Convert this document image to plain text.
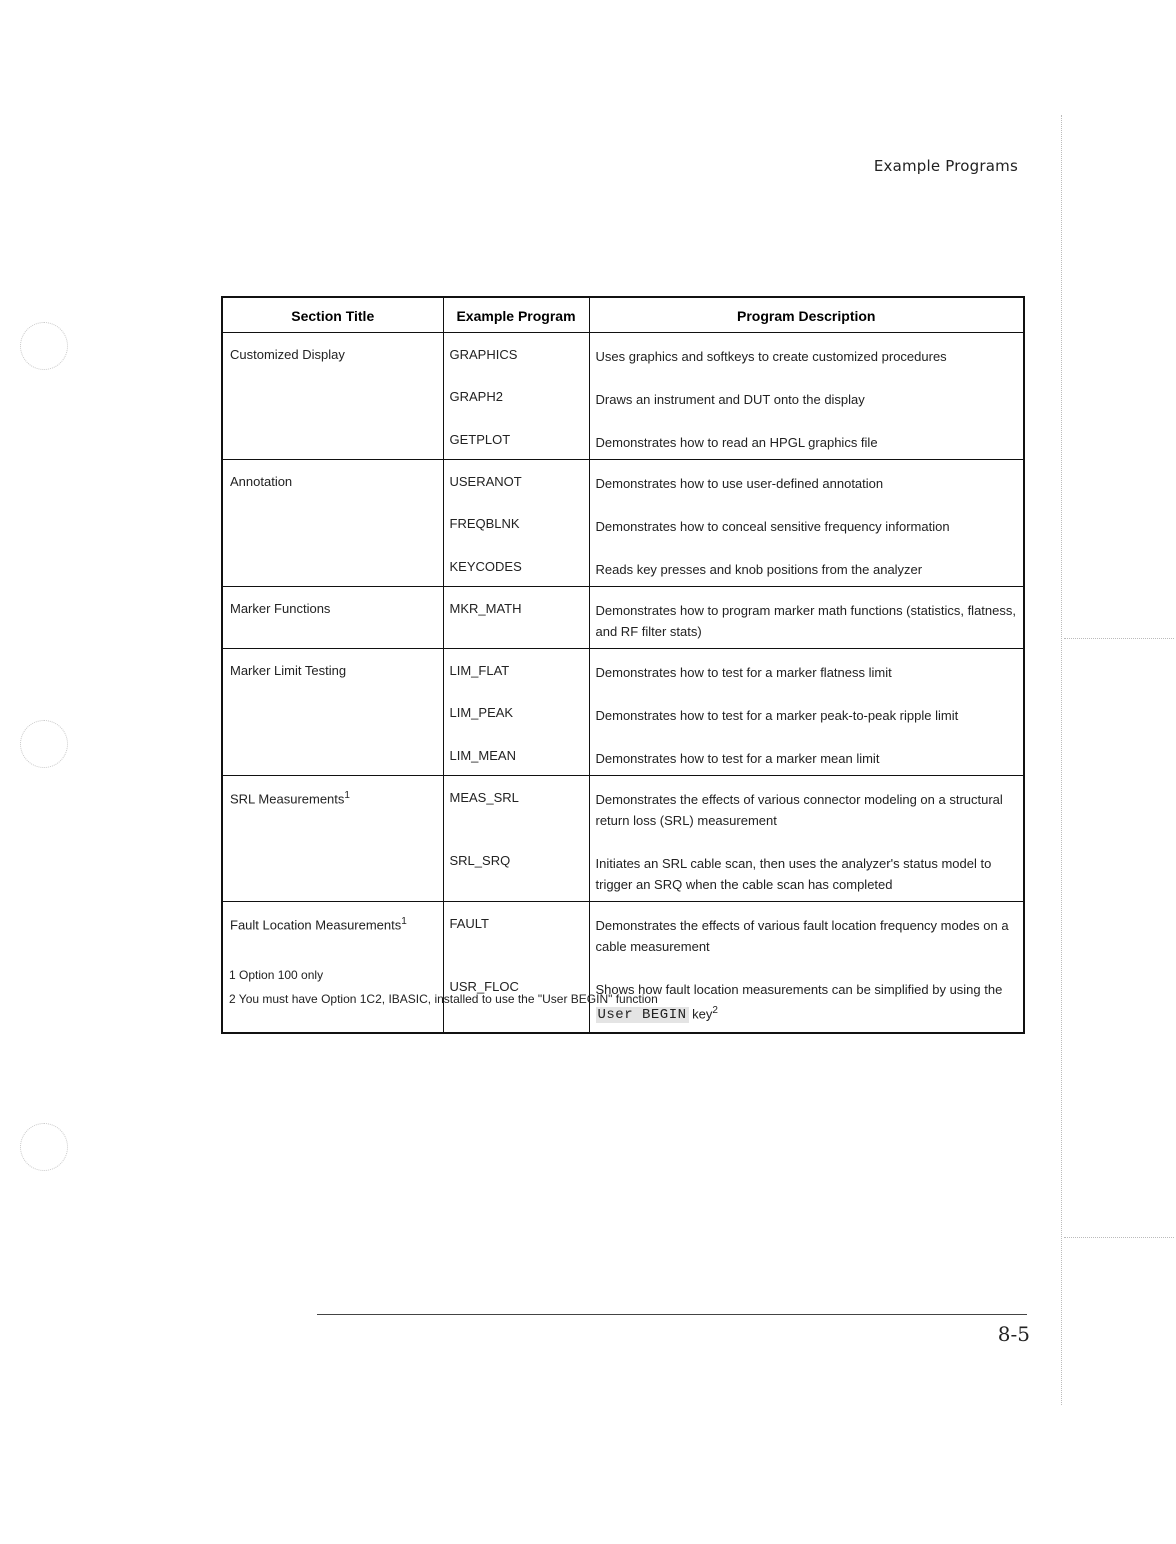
Example Programs
Section Title	Example Program	Program Description
Customized Display	GRAPHICS	Uses graphics and softkeys to create customized procedures
	GRAPH2	Draws an instrument and DUT onto the display
	GETPLOT	Demonstrates how to read an HPGL graphics file
Annotation	USERANOT	Demonstrates how to use user-defined annotation
	FREQBLNK	Demonstrates how to conceal sensitive frequency information
	KEYCODES	Reads key presses and knob positions from the analyzer
Marker Functions	MKR_MATH	Demonstrates how to program marker math functions (statistics, flatness, and RF filter stats)
Marker Limit Testing	LIM_FLAT	Demonstrates how to test for a marker flatness limit
	LIM_PEAK	Demonstrates how to test for a marker peak-to-peak ripple limit
	LIM_MEAN	Demonstrates how to test for a marker mean limit
SRL Measurements$^1$	MEAS_SRL	Demonstrates the effects of various connector modeling on a structural return loss (SRL) measurement
	SRL_SRQ	Initiates an SRL cable scan, then uses the analyzer's status model to trigger an SRQ when the cable scan has completed
Fault Location Measurements$^1$	FAULT	Demonstrates the effects of various fault location frequency modes on a cable measurement
	USR_FLOC	Shows how fault location measurements can be simplified by using the User BEGIN key$^2$
1 Option 100 only
2 You must have Option 1C2, IBASIC, installed to use the "User BEGIN" function
8-5
